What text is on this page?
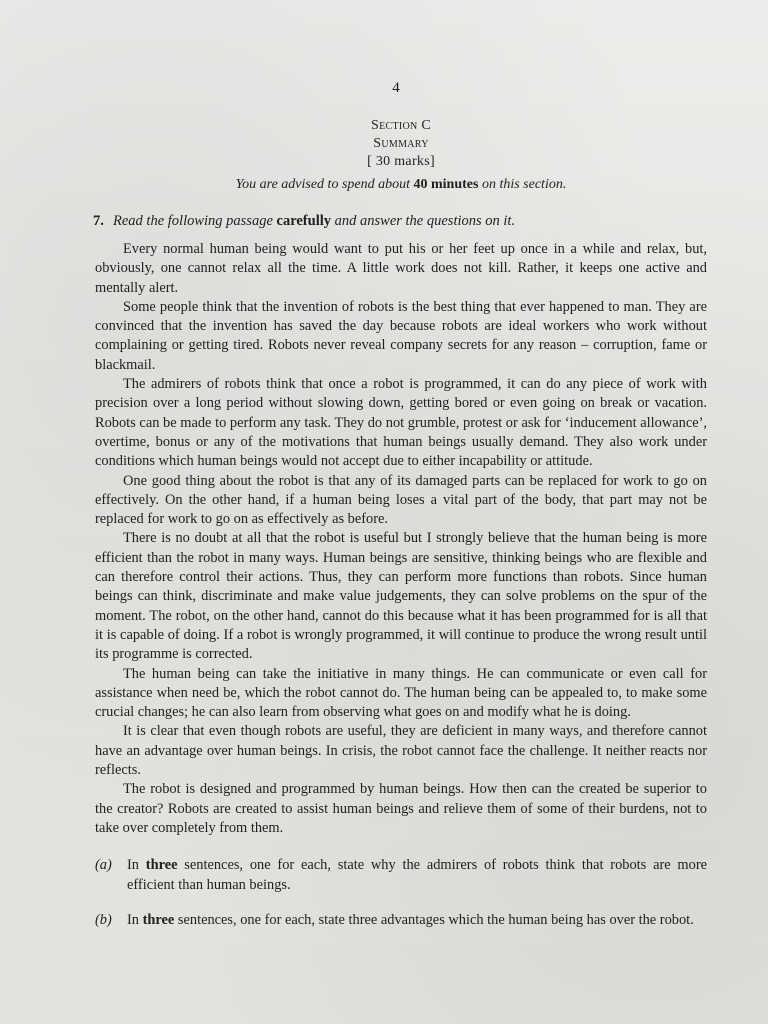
4
Section C
Summary
[ 30 marks]
You are advised to spend about 40 minutes on this section.
7. Read the following passage carefully and answer the questions on it.

Every normal human being would want to put his or her feet up once in a while and relax, but, obviously, one cannot relax all the time. A little work does not kill. Rather, it keeps one active and mentally alert.

Some people think that the invention of robots is the best thing that ever happened to man. They are convinced that the invention has saved the day because robots are ideal workers who work without complaining or getting tired. Robots never reveal company secrets for any reason – corruption, fame or blackmail.

The admirers of robots think that once a robot is programmed, it can do any piece of work with precision over a long period without slowing down, getting bored or even going on break or vacation. Robots can be made to perform any task. They do not grumble, protest or ask for ‘inducement allowance’, overtime, bonus or any of the motivations that human beings usually demand. They also work under conditions which human beings would not accept due to either incapability or attitude.

One good thing about the robot is that any of its damaged parts can be replaced for work to go on effectively. On the other hand, if a human being loses a vital part of the body, that part may not be replaced for work to go on as effectively as before.

There is no doubt at all that the robot is useful but I strongly believe that the human being is more efficient than the robot in many ways. Human beings are sensitive, thinking beings who are flexible and can therefore control their actions. Thus, they can perform more functions than robots. Since human beings can think, discriminate and make value judgements, they can solve problems on the spur of the moment. The robot, on the other hand, cannot do this because what it has been programmed for is all that it is capable of doing. If a robot is wrongly programmed, it will continue to produce the wrong result until its programme is corrected.

The human being can take the initiative in many things. He can communicate or even call for assistance when need be, which the robot cannot do. The human being can be appealed to, to make some crucial changes; he can also learn from observing what goes on and modify what he is doing.

It is clear that even though robots are useful, they are deficient in many ways, and therefore cannot have an advantage over human beings. In crisis, the robot cannot face the challenge. It neither reacts nor reflects.

The robot is designed and programmed by human beings. How then can the created be superior to the creator? Robots are created to assist human beings and relieve them of some of their burdens, not to take over completely from them.

(a) In three sentences, one for each, state why the admirers of robots think that robots are more efficient than human beings.
(b) In three sentences, one for each, state three advantages which the human being has over the robot.
